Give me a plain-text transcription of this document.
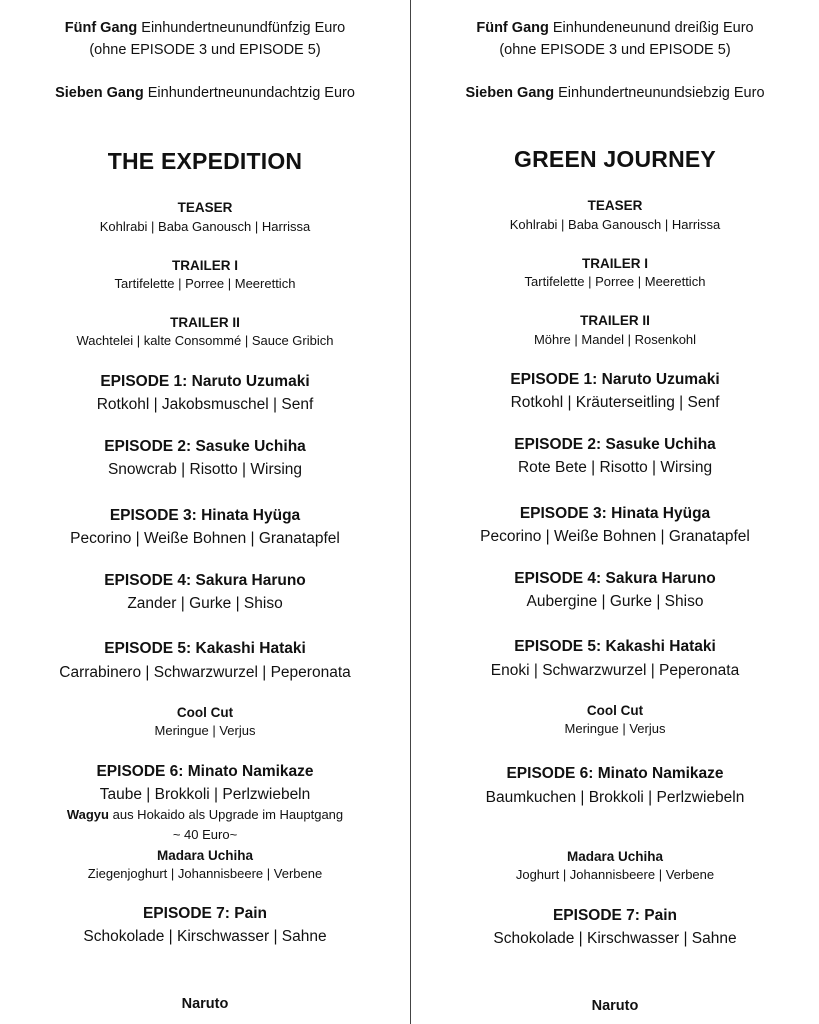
Fünf Gang Einhundertneunundfünfzig Euro
(ohne EPISODE 3 und EPISODE 5)
Sieben Gang Einhundertneunundachtzig Euro
THE EXPEDITION
TEASER
Kohlrabi | Baba Ganousch | Harrissa
TRAILER I
Tartifelette | Porree | Meerettich
TRAILER II
Wachtelei | kalte Consommé | Sauce Gribich
EPISODE 1: Naruto Uzumaki
Rotkohl | Jakobsmuschel | Senf
EPISODE 2: Sasuke Uchiha
Snowcrab | Risotto | Wirsing
EPISODE 3: Hinata Hyüga
Pecorino | Weiße Bohnen | Granatapfel
EPISODE 4: Sakura Haruno
Zander | Gurke | Shiso
EPISODE 5: Kakashi Hataki
Carrabinero | Schwarzwurzel | Peperonata
Cool Cut
Meringue | Verjus
EPISODE 6: Minato Namikaze
Taube | Brokkoli | Perlzwiebeln
Wagyu aus Hokaido als Upgrade im Hauptgang
~ 40 Euro~
Madara Uchiha
Ziegenjoghurt | Johannisbeere | Verbene
EPISODE 7: Pain
Schokolade | Kirschwasser | Sahne
Naruto
Fünf Gang Einhundeneunund dreißig Euro
(ohne EPISODE 3 und EPISODE 5)
Sieben Gang Einhundertneunundsiebzig Euro
GREEN JOURNEY
TEASER
Kohlrabi | Baba Ganousch | Harrissa
TRAILER I
Tartifelette | Porree | Meerettich
TRAILER II
Möhre | Mandel | Rosenkohl
EPISODE 1: Naruto Uzumaki
Rotkohl | Kräuterseitling | Senf
EPISODE 2: Sasuke Uchiha
Rote Bete | Risotto | Wirsing
EPISODE 3: Hinata Hyüga
Pecorino | Weiße Bohnen | Granatapfel
EPISODE 4: Sakura Haruno
Aubergine | Gurke | Shiso
EPISODE 5: Kakashi Hataki
Enoki | Schwarzwurzel | Peperonata
Cool Cut
Meringue | Verjus
EPISODE 6: Minato Namikaze
Baumkuchen | Brokkoli | Perlzwiebeln
Madara Uchiha
Joghurt | Johannisbeere | Verbene
EPISODE 7: Pain
Schokolade | Kirschwasser | Sahne
Naruto
